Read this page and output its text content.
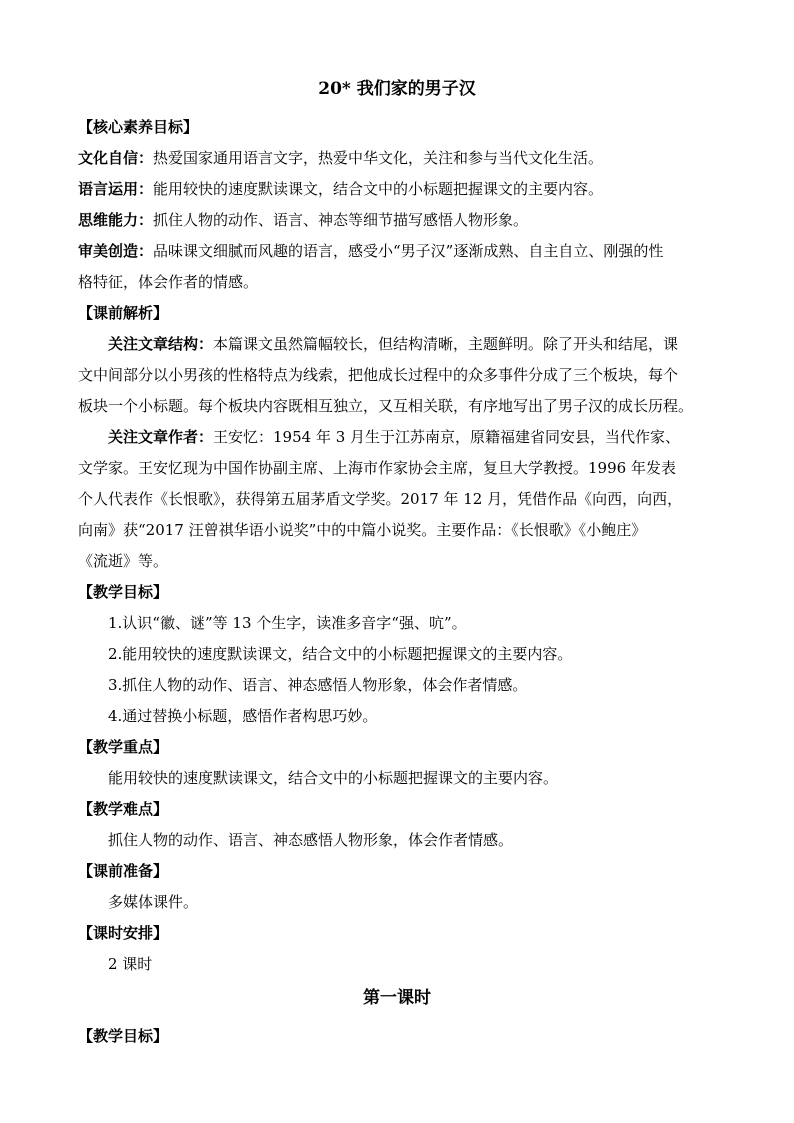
20* 我们家的男子汉
【核心素养目标】
文化自信：热爱国家通用语言文字，热爱中华文化，关注和参与当代文化生活。
语言运用：能用较快的速度默读课文，结合文中的小标题把握课文的主要内容。
思维能力：抓住人物的动作、语言、神态等细节描写感悟人物形象。
审美创造：品味课文细腻而风趣的语言，感受小“男子汉”逐渐成熟、自主自立、刚强的性
格特征，体会作者的情感。
【课前解析】
关注文章结构：本篇课文虽然篇幅较长，但结构清晰，主题鲜明。除了开头和结尾，课
文中间部分以小男孩的性格特点为线索，把他成长过程中的众多事件分成了三个板块，每个
板块一个小标题。每个板块内容既相互独立，又互相关联，有序地写出了男子汉的成长历程。
关注文章作者：王安忆：1954 年 3 月生于江苏南京，原籍福建省同安县，当代作家、
文学家。王安忆现为中国作协副主席、上海市作家协会主席，复旦大学教授。1996 年发表
个人代表作《长恨歌》，获得第五届茅盾文学奖。2017 年 12 月，凭借作品《向西，向西，
向南》获“2017 汪曾祺华语小说奖”中的中篇小说奖。主要作品：《长恨歌》《小鲍庄》
《流逝》等。
【教学目标】
1.认识“徽、谜”等 13 个生字，读准多音字“强、吭”。
2.能用较快的速度默读课文，结合文中的小标题把握课文的主要内容。
3.抓住人物的动作、语言、神态感悟人物形象，体会作者情感。
4.通过替换小标题，感悟作者构思巧妙。
【教学重点】
能用较快的速度默读课文，结合文中的小标题把握课文的主要内容。
【教学难点】
抓住人物的动作、语言、神态感悟人物形象，体会作者情感。
【课前准备】
多媒体课件。
【课时安排】
2 课时
第一课时
【教学目标】
